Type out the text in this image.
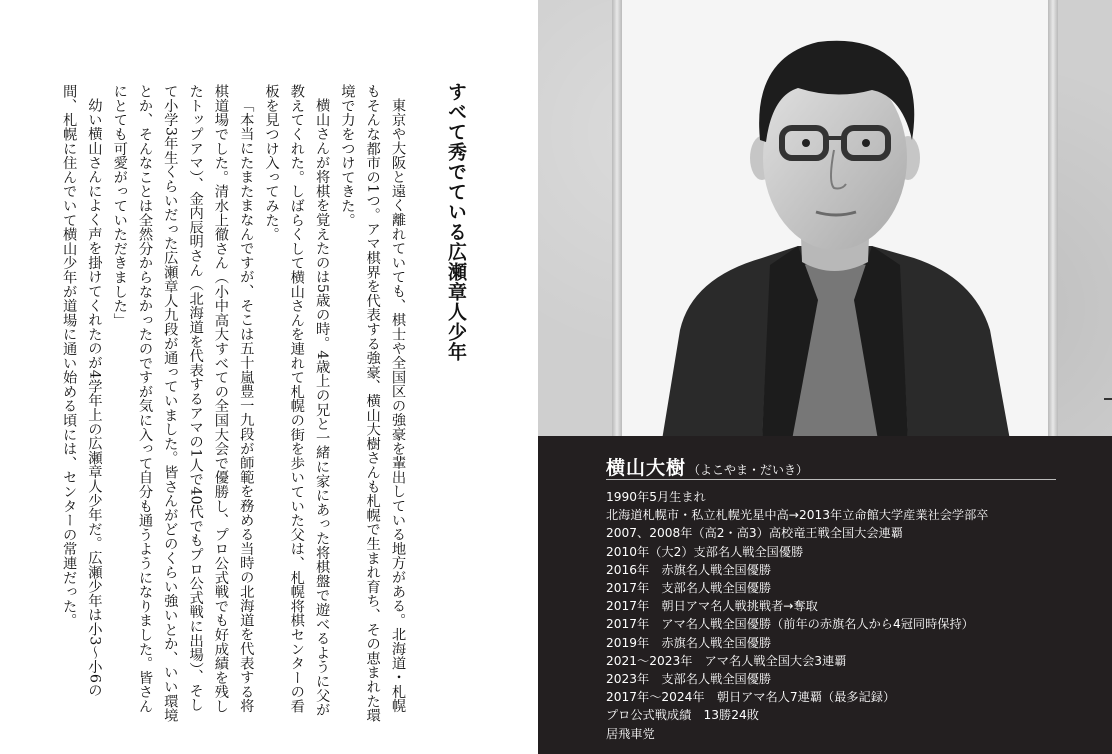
すべて秀でている広瀬章人少年

東京や大阪と遠く離れていても、棋士や全国区の強豪を輩出している地方がある。北海道・札幌もそんな都市の1つ。アマ棋界を代表する強豪、横山大樹さんも札幌で生まれ育ち、その恵まれた環境で力をつけてきた。

横山さんが将棋を覚えたのは5歳の時。4歳上の兄と一緒に家にあった将棋盤で遊べるように父が教えてくれた。しばらくして横山さんを連れて札幌の街を歩いていた父は、札幌将棋センターの看板を見つけ入ってみた。

「本当にたまたまなんですが、そこは五十嵐豊一九段が師範を務める当時の北海道を代表する将棋道場でした。清水上徹さん（小中高大すべての全国大会で優勝し、プロ公式戦でも好成績を残したトップアマ）、金内辰明さん（北海道を代表するアマの1人で40代でもプロ公式戦に出場）、そして小学3年生くらいだった広瀬章人九段が通っていました。皆さんがどのくらい強いとか、いい環境とか、そんなことは全然分からなかったのですが気に入って自分も通うようになりました。皆さんにとても可愛がっていただきました」

幼い横山さんによく声を掛けてくれたのが4学年上の広瀬章人少年だ。広瀬少年は小3～小6の間、札幌に住んでいて横山少年が道場に通い始める頃には、センターの常連だった。	横山大樹 （よこやま・だいき）
1990年5月生まれ
北海道札幌市・私立札幌光星中高→2013年立命館大学産業社会学部卒
2007、2008年（高2・高3）高校竜王戦全国大会連覇
2010年（大2）支部名人戦全国優勝
2016年　赤旗名人戦全国優勝
2017年　支部名人戦全国優勝
2017年　朝日アマ名人戦挑戦者→奪取
2017年　アマ名人戦全国優勝（前年の赤旗名人から4冠同時保持）
2019年　赤旗名人戦全国優勝
2021～2023年　アマ名人戦全国大会3連覇
2023年　支部名人戦全国優勝
2017年～2024年　朝日アマ名人7連覇（最多記録）
プロ公式戦成績　13勝24敗
居飛車党
